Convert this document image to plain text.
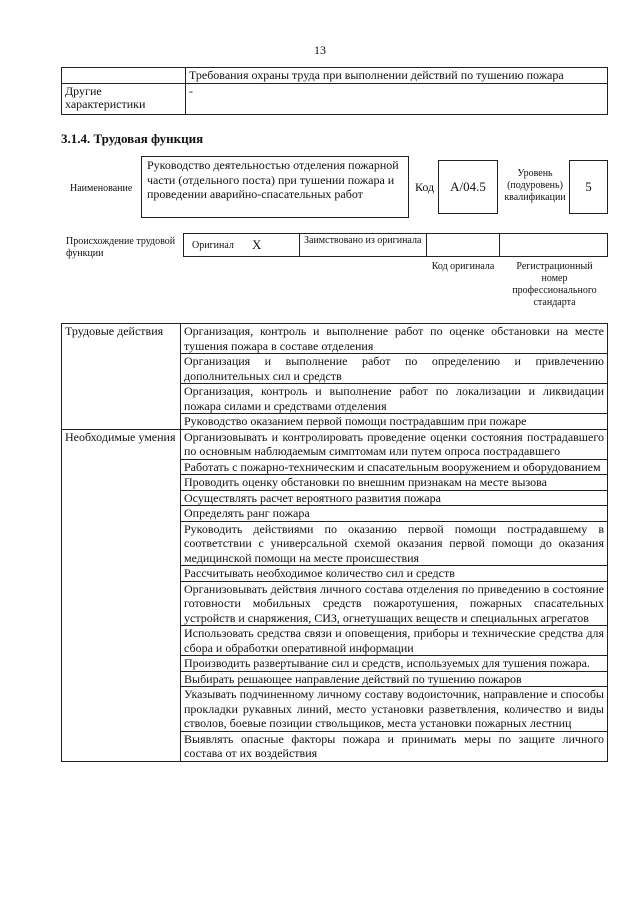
13
	Требования охраны труда при выполнении действий по тушению пожара
Другие характеристики	-
3.1.4. Трудовая функция
Наименование
Руководство деятельностью отделения пожарной части (отдельного поста) при тушении пожара и проведении аварийно-спасательных работ	Код	А/04.5
Уровень (подуровень) квалификации
5
Происхождение трудовой функции
Оригинал X	Заимствовано из оригинала
Код оригинала	Регистрационный номер профессионального стандарта
Трудовые действия	Организация, контроль и выполнение работ по оценке обстановки на месте тушения пожара в составе отделения
	Организация и выполнение работ по определению и привлечению дополнительных сил и средств
	Организация, контроль и выполнение работ по локализации и ликвидации пожара силами и средствами отделения
	Руководство оказанием первой помощи пострадавшим при пожаре
Необходимые умения	Организовывать и контролировать проведение оценки состояния пострадавшего по основным наблюдаемым симптомам или путем опроса пострадавшего
	Работать с пожарно-техническим и спасательным вооружением и оборудованием
	Проводить оценку обстановки по внешним признакам на месте вызова
	Осуществлять расчет вероятного развития пожара
	Определять ранг пожара
	Руководить действиями по оказанию первой помощи пострадавшему в соответствии с универсальной схемой оказания первой помощи до оказания медицинской помощи на месте происшествия
	Рассчитывать необходимое количество сил и средств
	Организовывать действия личного состава отделения по приведению в состояние готовности мобильных средств пожаротушения, пожарных спасательных устройств и снаряжения, СИЗ, огнетушащих веществ и специальных агрегатов
	Использовать средства связи и оповещения, приборы и технические средства для сбора и обработки оперативной информации
	Производить развертывание сил и средств, используемых для тушения пожара.
	Выбирать решающее направление действий по тушению пожаров
	Указывать подчиненному личному составу водоисточник, направление и способы прокладки рукавных линий, место установки разветвления, количество и виды стволов, боевые позиции ствольщиков, места установки пожарных лестниц
	Выявлять опасные факторы пожара и принимать меры по защите личного состава от их воздействия
